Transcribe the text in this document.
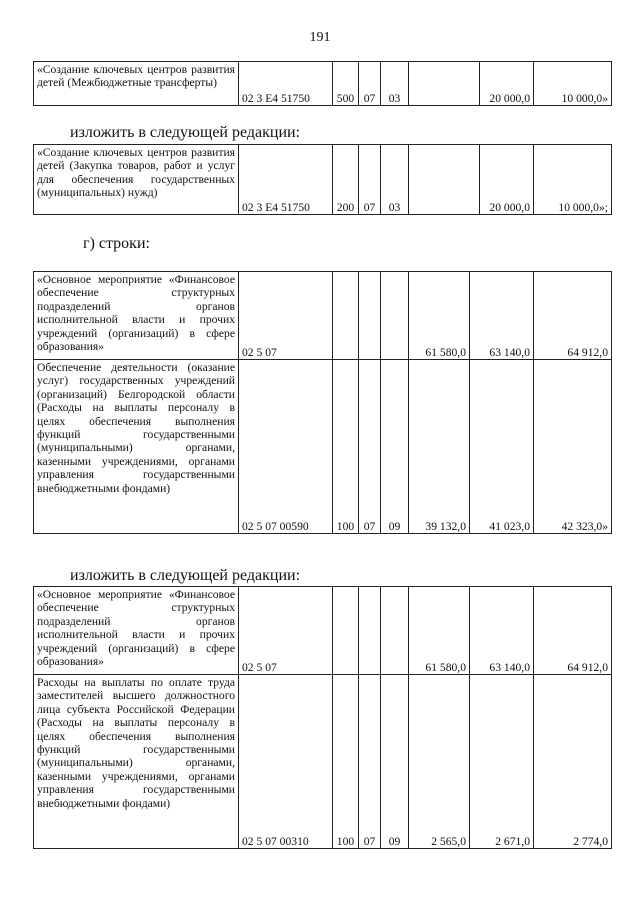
191
«Создание ключевых центров развития детей (Межбюджетные трансферты)	02 3 E4 51750	500	07	03		20 000,0	10 000,0»
изложить в следующей редакции:
«Создание ключевых центров развития детей (Закупка товаров, работ и услуг для обеспечения государственных (муниципальных) нужд)	02 3 E4 51750	200	07	03		20 000,0	10 000,0»;
г) строки:
«Основное мероприятие «Финансовое обеспечение структурных подразделений органов исполнительной власти и прочих учреждений (организаций) в сфере образования»	02 5 07				61 580,0	63 140,0	64 912,0
Обеспечение деятельности (оказание услуг) государственных учреждений (организаций) Белгородской области (Расходы на выплаты персоналу в целях обеспечения выполнения функций государственными (муниципальными) органами, казенными учреждениями, органами управления государственными внебюджетными фондами)	02 5 07 00590	100	07	09	39 132,0	41 023,0	42 323,0»
изложить в следующей редакции:
«Основное мероприятие «Финансовое обеспечение структурных подразделений органов исполнительной власти и прочих учреждений (организаций) в сфере образования»	02 5 07				61 580,0	63 140,0	64 912,0
Расходы на выплаты по оплате труда заместителей высшего должностного лица субъекта Российской Федерации (Расходы на выплаты персоналу в целях обеспечения выполнения функций государственными (муниципальными) органами, казенными учреждениями, органами управления государственными внебюджетными фондами)	02 5 07 00310	100	07	09	2 565,0	2 671,0	2 774,0
